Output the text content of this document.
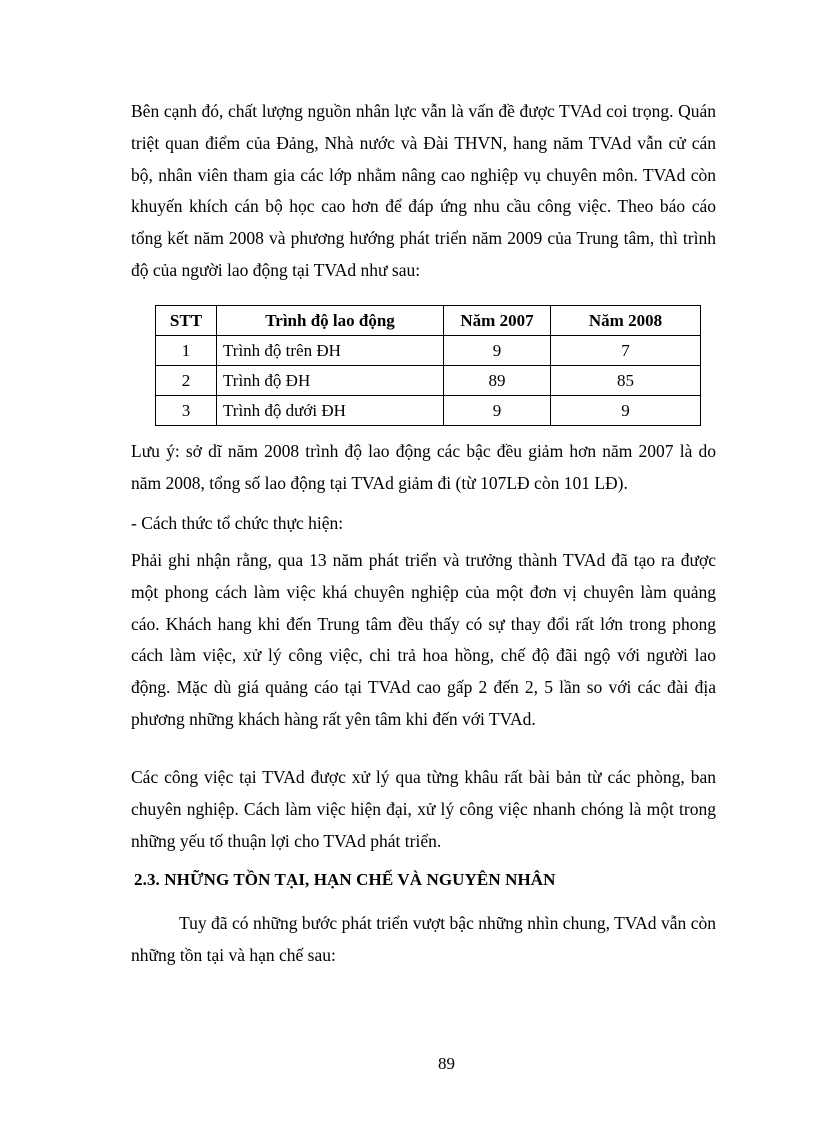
Bên cạnh đó, chất lượng nguồn nhân lực vẫn là vấn đề được TVAd coi trọng. Quán triệt quan điểm của Đảng, Nhà nước và Đài THVN, hang năm TVAd vẫn cử cán bộ, nhân viên tham gia các lớp nhằm nâng cao nghiệp vụ chuyên môn. TVAd còn khuyến khích cán bộ học cao hơn để đáp ứng nhu cầu công việc. Theo báo cáo tổng kết năm 2008 và phương hướng phát triển năm 2009 của Trung tâm, thì trình độ của người lao động tại TVAd như sau:

STT	Trình độ lao động	Năm 2007	Năm 2008
1	Trình độ trên ĐH	9	7
2	Trình độ ĐH	89	85
3	Trình độ dưới ĐH	9	9

Lưu ý: sở dĩ năm 2008 trình độ lao động các bậc đều giảm hơn năm 2007 là do năm 2008, tổng số lao động tại TVAd giảm đi (từ 107LĐ còn 101 LĐ).

- Cách thức tổ chức thực hiện:

Phải ghi nhận rằng, qua 13 năm phát triển và trưởng thành TVAd đã tạo ra được một phong cách làm việc khá chuyên nghiệp của một đơn vị chuyên làm quảng cáo. Khách hang khi đến Trung tâm đều thấy có sự thay đổi rất lớn trong phong cách làm việc, xử lý công việc, chi trả hoa hồng, chế độ đãi ngộ với người lao động. Mặc dù giá quảng cáo tại TVAd cao gấp 2 đến 2, 5 lần so với các đài địa phương những khách hàng rất yên tâm khi đến với TVAd.

Các công việc tại TVAd được xử lý qua từng khâu rất bài bản từ các phòng, ban chuyên nghiệp. Cách làm việc hiện đại, xử lý công việc nhanh chóng là một trong những yếu tố thuận lợi cho TVAd phát triển.

2.3. NHỮNG TỒN TẠI, HẠN CHẾ VÀ NGUYÊN NHÂN

Tuy đã có những bước phát triển vượt bậc những nhìn chung, TVAd vẫn còn những tồn tại và hạn chế sau:

89
